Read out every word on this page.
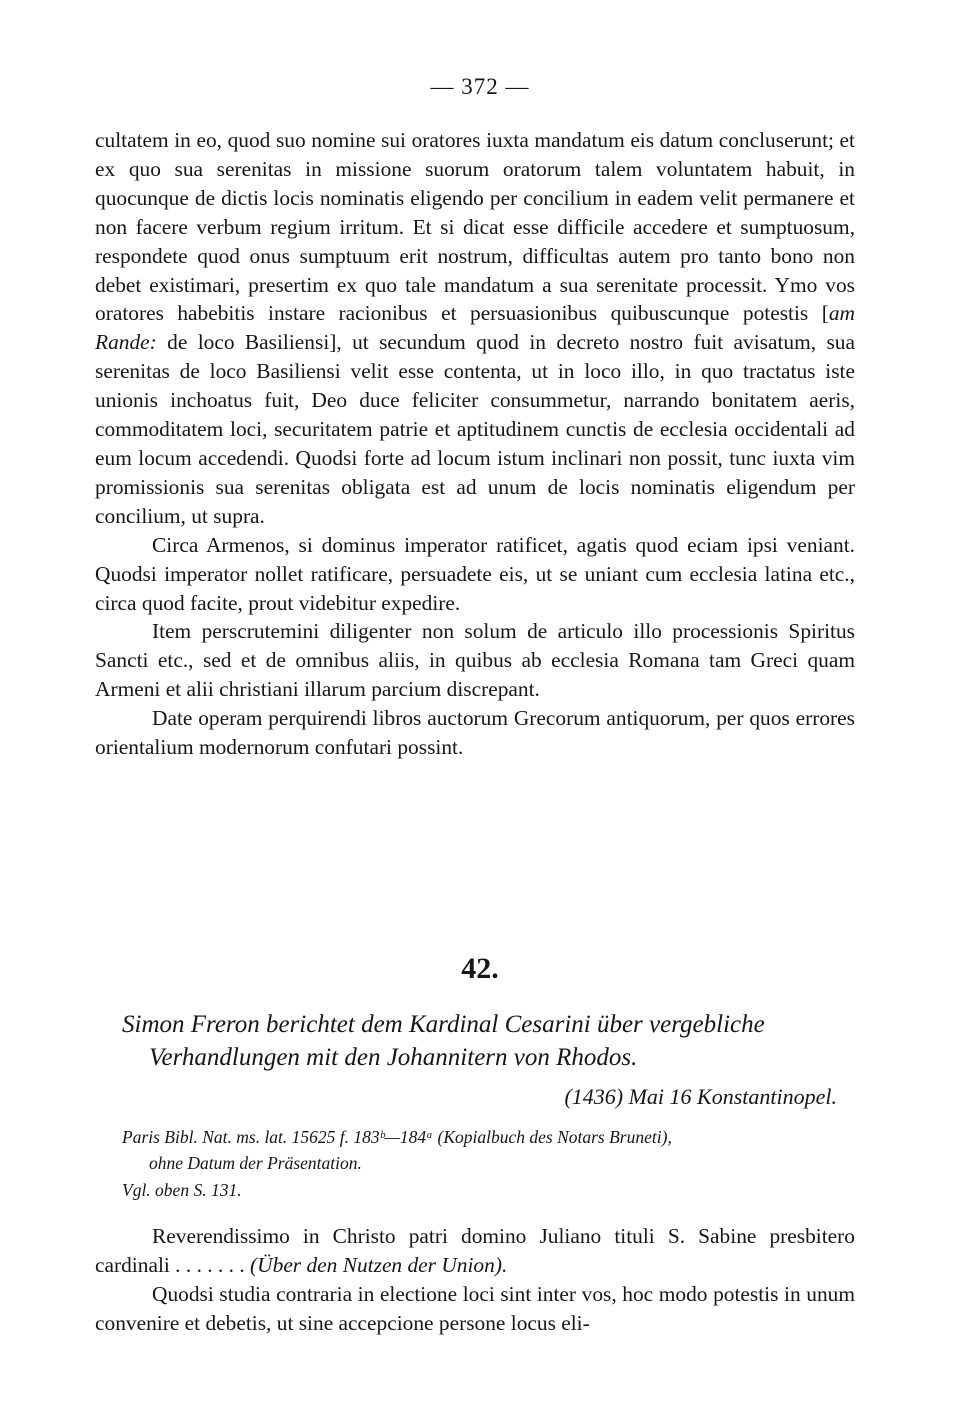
— 372 —

cultatem in eo, quod suo nomine sui oratores iuxta mandatum eis datum concluserunt; et ex quo sua serenitas in missione suorum oratorum talem voluntatem habuit, in quocunque de dictis locis nominatis eligendo per concilium in eadem velit permanere et non facere verbum regium irritum. Et si dicat esse difficile accedere et sumptuosum, respondete quod onus sumptuum erit nostrum, difficultas autem pro tanto bono non debet existimari, presertim ex quo tale mandatum a sua serenitate processit. Ymo vos oratores habebitis instare racionibus et persuasionibus quibuscunque potestis [am Rande: de loco Basiliensi], ut secundum quod in decreto nostro fuit avisatum, sua serenitas de loco Basiliensi velit esse contenta, ut in loco illo, in quo tractatus iste unionis inchoatus fuit, Deo duce feliciter consummetur, narrando bonitatem aeris, commoditatem loci, securitatem patrie et aptitudinem cunctis de ecclesia occidentali ad eum locum accedendi. Quodsi forte ad locum istum inclinari non possit, tunc iuxta vim promissionis sua serenitas obligata est ad unum de locis nominatis eligendum per concilium, ut supra.

Circa Armenos, si dominus imperator ratificet, agatis quod eciam ipsi veniant. Quodsi imperator nollet ratificare, persuadete eis, ut se uniant cum ecclesia latina etc., circa quod facite, prout videbitur expedire.

Item perscrutemini diligenter non solum de articulo illo processionis Spiritus Sancti etc., sed et de omnibus aliis, in quibus ab ecclesia Romana tam Greci quam Armeni et alii christiani illarum parcium discrepant.

Date operam perquirendi libros auctorum Grecorum antiquorum, per quos errores orientalium modernorum confutari possint.

42.
Simon Freron berichtet dem Kardinal Cesarini über vergebliche
Verhandlungen mit den Johannitern von Rhodos.
(1436) Mai 16 Konstantinopel.
Paris Bibl. Nat. ms. lat. 15625 f. 183ᵇ—184ᵃ (Kopialbuch des Notars Bruneti),
ohne Datum der Präsentation.
Vgl. oben S. 131.

Reverendissimo in Christo patri domino Juliano tituli S. Sabine presbitero cardinali . . . . . . . (Über den Nutzen der Union).

Quodsi studia contraria in electione loci sint inter vos, hoc modo potestis in unum convenire et debetis, ut sine accepcione persone locus eli-
